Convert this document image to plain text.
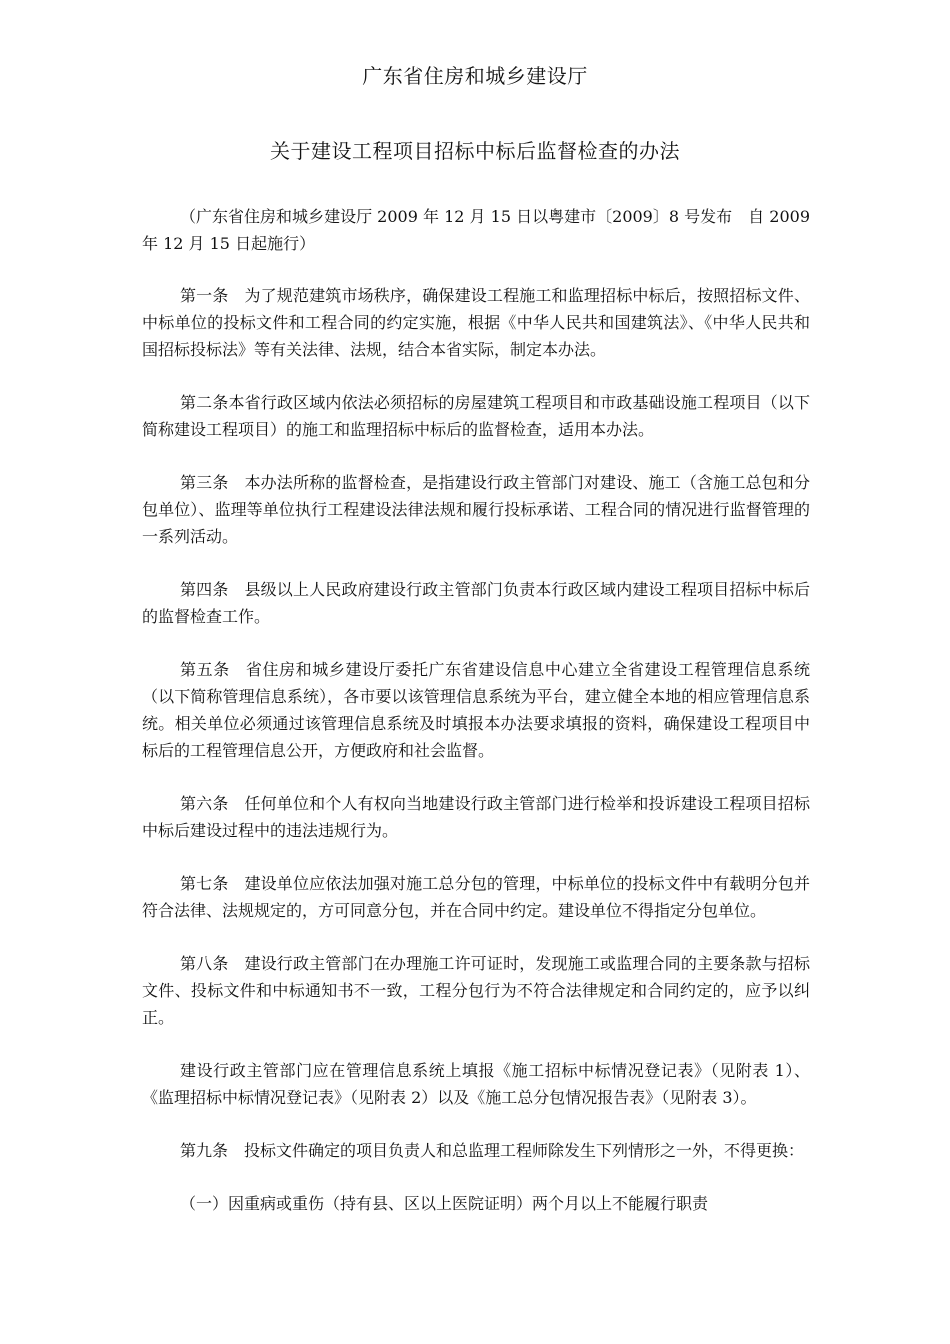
广东省住房和城乡建设厅
关于建设工程项目招标中标后监督检查的办法

（广东省住房和城乡建设厅 2009 年 12 月 15 日以粤建市〔2009〕8 号发布　自 2009 年 12 月 15 日起施行）

第一条 为了规范建筑市场秩序，确保建设工程施工和监理招标中标后，按照招标文件、中标单位的投标文件和工程合同的约定实施，根据《中华人民共和国建筑法》、《中华人民共和国招标投标法》等有关法律、法规，结合本省实际，制定本办法。

第二条本省行政区域内依法必须招标的房屋建筑工程项目和市政基础设施工程项目（以下简称建设工程项目）的施工和监理招标中标后的监督检查，适用本办法。

第三条 本办法所称的监督检查，是指建设行政主管部门对建设、施工（含施工总包和分包单位）、监理等单位执行工程建设法律法规和履行投标承诺、工程合同的情况进行监督管理的一系列活动。

第四条 县级以上人民政府建设行政主管部门负责本行政区域内建设工程项目招标中标后的监督检查工作。

第五条 省住房和城乡建设厅委托广东省建设信息中心建立全省建设工程管理信息系统（以下简称管理信息系统），各市要以该管理信息系统为平台，建立健全本地的相应管理信息系统。相关单位必须通过该管理信息系统及时填报本办法要求填报的资料，确保建设工程项目中标后的工程管理信息公开，方便政府和社会监督。

第六条 任何单位和个人有权向当地建设行政主管部门进行检举和投诉建设工程项目招标中标后建设过程中的违法违规行为。

第七条 建设单位应依法加强对施工总分包的管理，中标单位的投标文件中有载明分包并符合法律、法规规定的，方可同意分包，并在合同中约定。建设单位不得指定分包单位。

第八条 建设行政主管部门在办理施工许可证时，发现施工或监理合同的主要条款与招标文件、投标文件和中标通知书不一致，工程分包行为不符合法律规定和合同约定的，应予以纠正。

建设行政主管部门应在管理信息系统上填报《施工招标中标情况登记表》（见附表 1）、《监理招标中标情况登记表》（见附表 2）以及《施工总分包情况报告表》（见附表 3）。

第九条 投标文件确定的项目负责人和总监理工程师除发生下列情形之一外，不得更换：

（一）因重病或重伤（持有县、区以上医院证明）两个月以上不能履行职责
